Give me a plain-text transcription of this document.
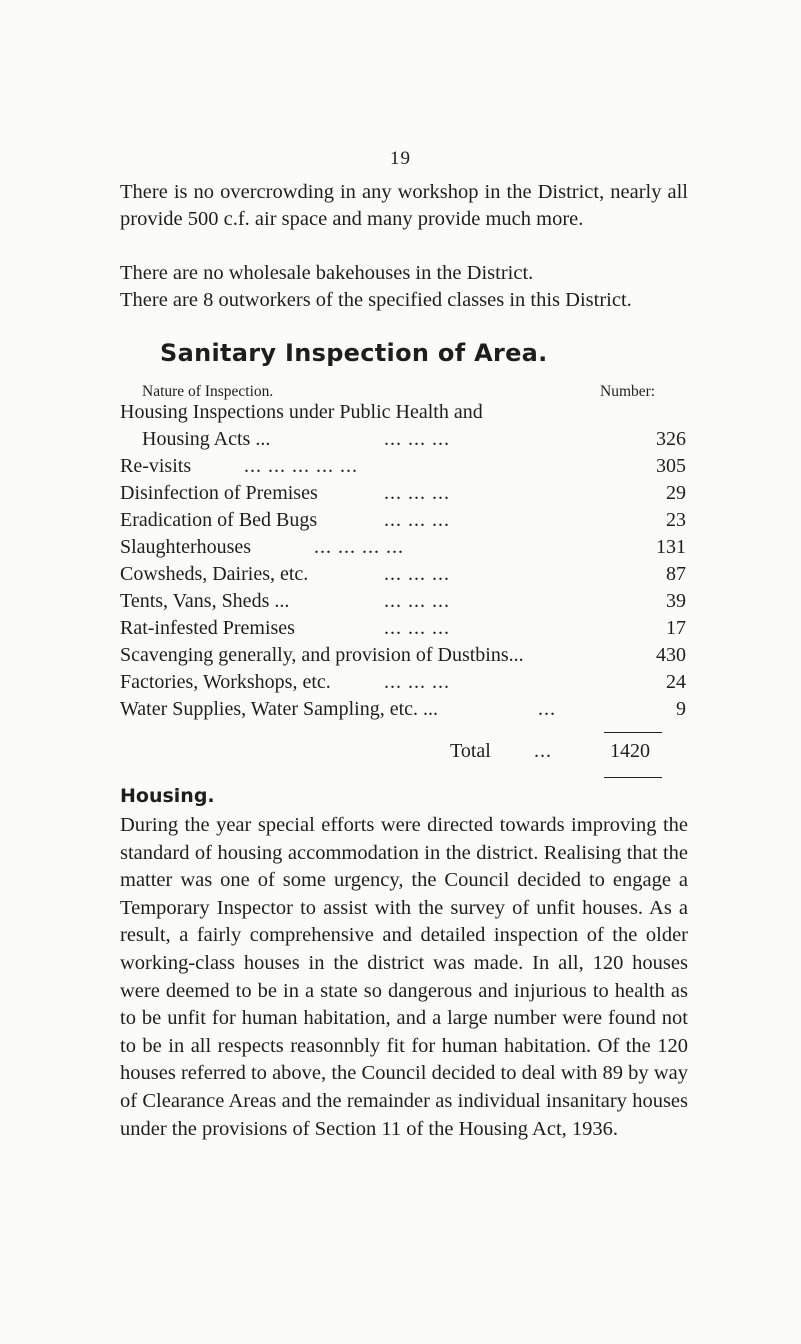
19

There is no overcrowding in any workshop in the District, nearly all provide 500 c.f. air space and many provide much more.

There are no wholesale bakehouses in the District.

There are 8 outworkers of the specified classes in this District.

Sanitary Inspection of Area.
Nature of Inspection.	Number:
Housing Inspections under Public Health and
Housing Acts ...	... ... ...	326
Re-visits	... ... ... ... ...	305
Disinfection of Premises	... ... ...	29
Eradication of Bed Bugs	... ... ...	23
Slaughterhouses	... ... ... ...	131
Cowsheds, Dairies, etc.	... ... ...	87
Tents, Vans, Sheds ...	... ... ...	39
Rat-infested Premises	... ... ...	17
Scavenging generally, and provision of Dustbins...	430
Factories, Workshops, etc.	... ... ...	24
Water Supplies, Water Sampling, etc. ...	...	9
Total ...	1420
Housing.

During the year special efforts were directed towards improving the standard of housing accommodation in the district. Realising that the matter was one of some urgency, the Council decided to engage a Temporary Inspector to assist with the survey of unfit houses. As a result, a fairly comprehensive and detailed inspection of the older working-class houses in the district was made. In all, 120 houses were deemed to be in a state so dangerous and injurious to health as to be unfit for human habitation, and a large number were found not to be in all respects reasonnbly fit for human habitation. Of the 120 houses referred to above, the Council decided to deal with 89 by way of Clearance Areas and the remainder as individual insanitary houses under the provisions of Section 11 of the Housing Act, 1936.
